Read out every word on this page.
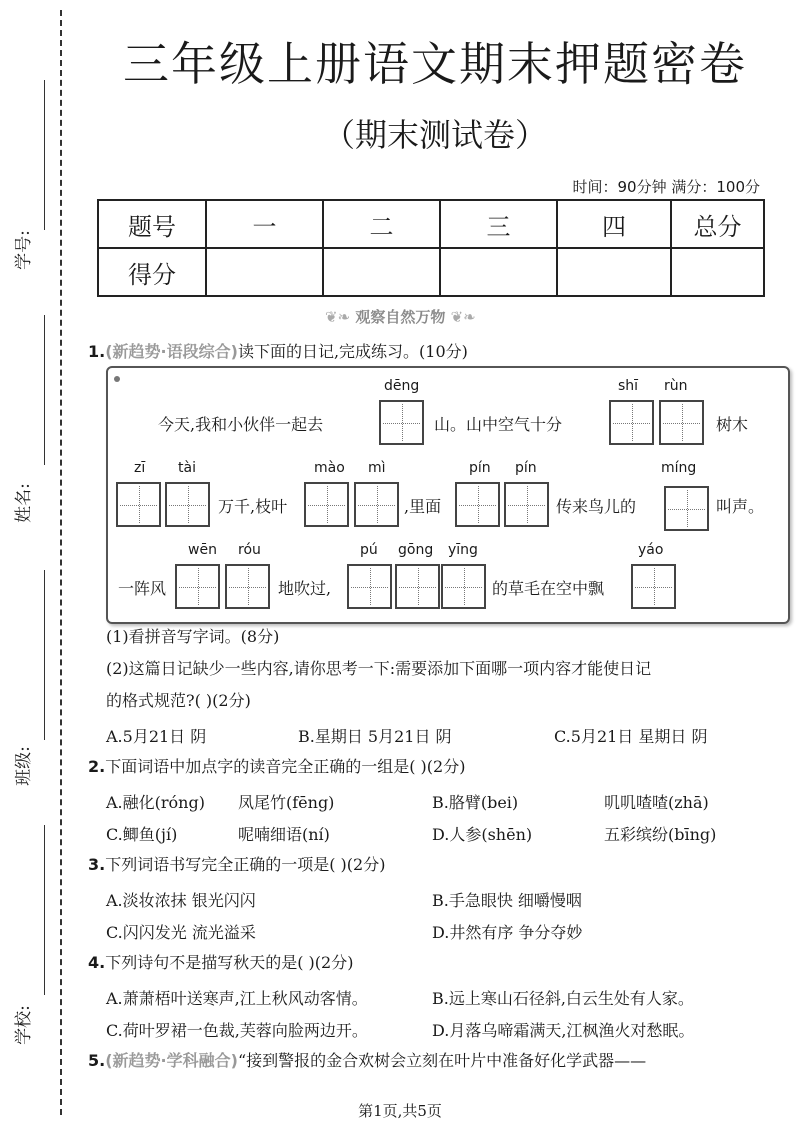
学号:
姓名:
班级:
学校:
三年级上册语文期末押题密卷
（期末测试卷）
时间：90分钟 满分：100分
题号	一	二	三	四	总分
得分					
❦❧ 观察自然万物 ❦❧
1.(新趋势·语段综合)读下面的日记,完成练习。(10分)
dēng	shī rùn
今天,我和小伙伴一起去	山。山中空气十分	树木
zī tài	mào mì	pín pín	míng
万千,枝叶	,里面	传来鸟儿的	叫声。
wēn róu	pú gōng yīng	yáo
一阵风	地吹过,	的草毛在空中飘
(1)看拼音写字词。(8分)
(2)这篇日记缺少一些内容,请你思考一下:需要添加下面哪一项内容才能使日记
的格式规范?( )(2分)
A.5月21日 阴	B.星期日 5月21日 阴	C.5月21日 星期日 阴
2.下面词语中加点字的读音完全正确的一组是( )(2分)
A.融化(róng) 凤尾竹(fēng)	B.胳臂(bei)	叽叽喳喳(zhā)
C.鲫鱼(jí)	呢喃细语(ní)	D.人参(shēn)	五彩缤纷(bīng)
3.下列词语书写完全正确的一项是( )(2分)
A.淡妆浓抹 银光闪闪	B.手急眼快 细嚼慢咽
C.闪闪发光 流光溢采	D.井然有序 争分夺妙
4.下列诗句不是描写秋天的是( )(2分)
A.萧萧梧叶送寒声,江上秋风动客情。	B.远上寒山石径斜,白云生处有人家。
C.荷叶罗裙一色裁,芙蓉向脸两边开。	D.月落乌啼霜满天,江枫渔火对愁眠。
5.(新趋势·学科融合)“接到警报的金合欢树会立刻在叶片中准备好化学武器——
第1页,共5页
